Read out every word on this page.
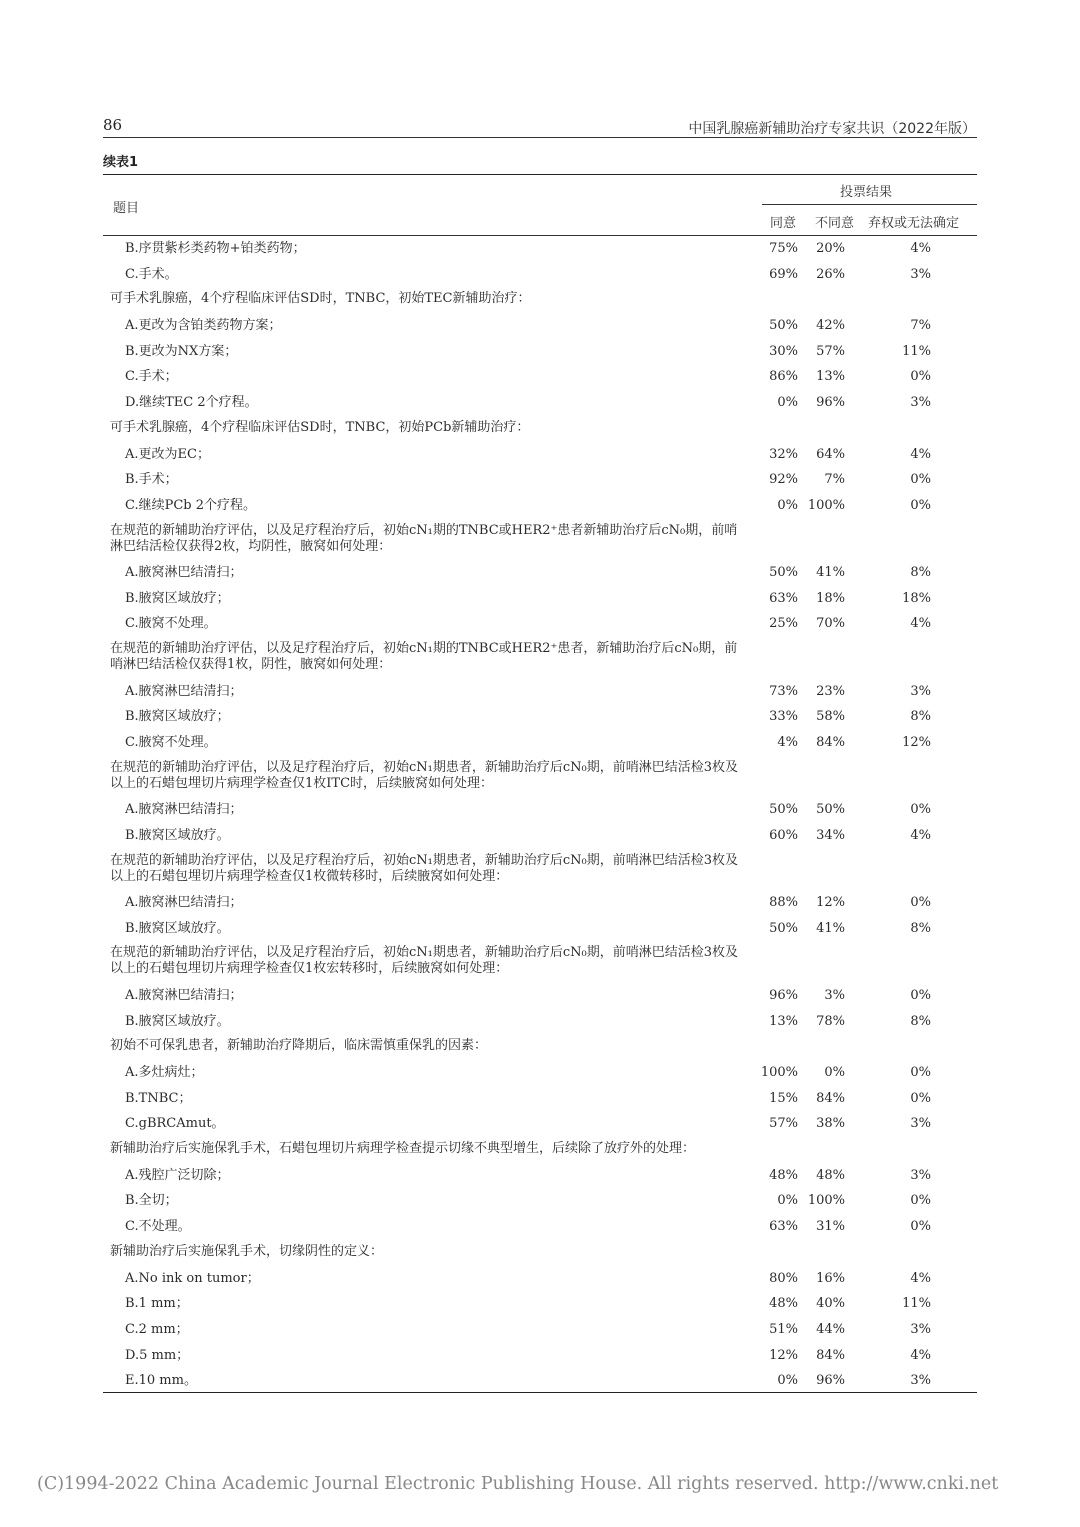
86	中国乳腺癌新辅助治疗专家共识（2022年版）
续表1
题目
投票结果
同意 不同意 弃权或无法确定
B.序贯紫杉类药物+铂类药物；	75%	20%	4%
C.手术。	69%	26%	3%
可手术乳腺癌，4个疗程临床评估SD时，TNBC，初始TEC新辅助治疗：
A.更改为含铂类药物方案；	50%	42%	7%
B.更改为NX方案；	30%	57%	11%
C.手术；	86%	13%	0%
D.继续TEC 2个疗程。	0%	96%	3%
可手术乳腺癌，4个疗程临床评估SD时，TNBC，初始PCb新辅助治疗：
A.更改为EC；	32%	64%	4%
B.手术；	92%	7%	0%
C.继续PCb 2个疗程。	0% 100%	0%
在规范的新辅助治疗评估，以及足疗程治疗后，初始cN₁期的TNBC或HER2⁺患者新辅助治疗后cN₀期，前哨淋巴结活检仅获得2枚，均阴性，腋窝如何处理：
A.腋窝淋巴结清扫；	50%	41%	8%
B.腋窝区域放疗；	63%	18%	18%
C.腋窝不处理。	25%	70%	4%
在规范的新辅助治疗评估，以及足疗程治疗后，初始cN₁期的TNBC或HER2⁺患者，新辅助治疗后cN₀期，前哨淋巴结活检仅获得1枚，阴性，腋窝如何处理：
A.腋窝淋巴结清扫；	73%	23%	3%
B.腋窝区域放疗；	33%	58%	8%
C.腋窝不处理。	4%	84%	12%
在规范的新辅助治疗评估，以及足疗程治疗后，初始cN₁期患者，新辅助治疗后cN₀期，前哨淋巴结活检3枚及以上的石蜡包埋切片病理学检查仅1枚ITC时，后续腋窝如何处理：
A.腋窝淋巴结清扫；	50%	50%	0%
B.腋窝区域放疗。	60%	34%	4%
在规范的新辅助治疗评估，以及足疗程治疗后，初始cN₁期患者，新辅助治疗后cN₀期，前哨淋巴结活检3枚及以上的石蜡包埋切片病理学检查仅1枚微转移时，后续腋窝如何处理：
A.腋窝淋巴结清扫；	88%	12%	0%
B.腋窝区域放疗。	50%	41%	8%
在规范的新辅助治疗评估，以及足疗程治疗后，初始cN₁期患者，新辅助治疗后cN₀期，前哨淋巴结活检3枚及以上的石蜡包埋切片病理学检查仅1枚宏转移时，后续腋窝如何处理：
A.腋窝淋巴结清扫；	96%	3%	0%
B.腋窝区域放疗。	13%	78%	8%
初始不可保乳患者，新辅助治疗降期后，临床需慎重保乳的因素：
A.多灶病灶；	100%	0%	0%
B.TNBC；	15%	84%	0%
C.gBRCAmut。	57%	38%	3%
新辅助治疗后实施保乳手术，石蜡包埋切片病理学检查提示切缘不典型增生，后续除了放疗外的处理：
A.残腔广泛切除；	48%	48%	3%
B.全切；	0% 100%	0%
C.不处理。	63%	31%	0%
新辅助治疗后实施保乳手术，切缘阴性的定义：
A.No ink on tumor；	80%	16%	4%
B.1 mm；	48%	40%	11%
C.2 mm；	51%	44%	3%
D.5 mm；	12%	84%	4%
E.10 mm。	0%	96%	3%
(C)1994-2022 China Academic Journal Electronic Publishing House. All rights reserved. http://www.cnki.net
